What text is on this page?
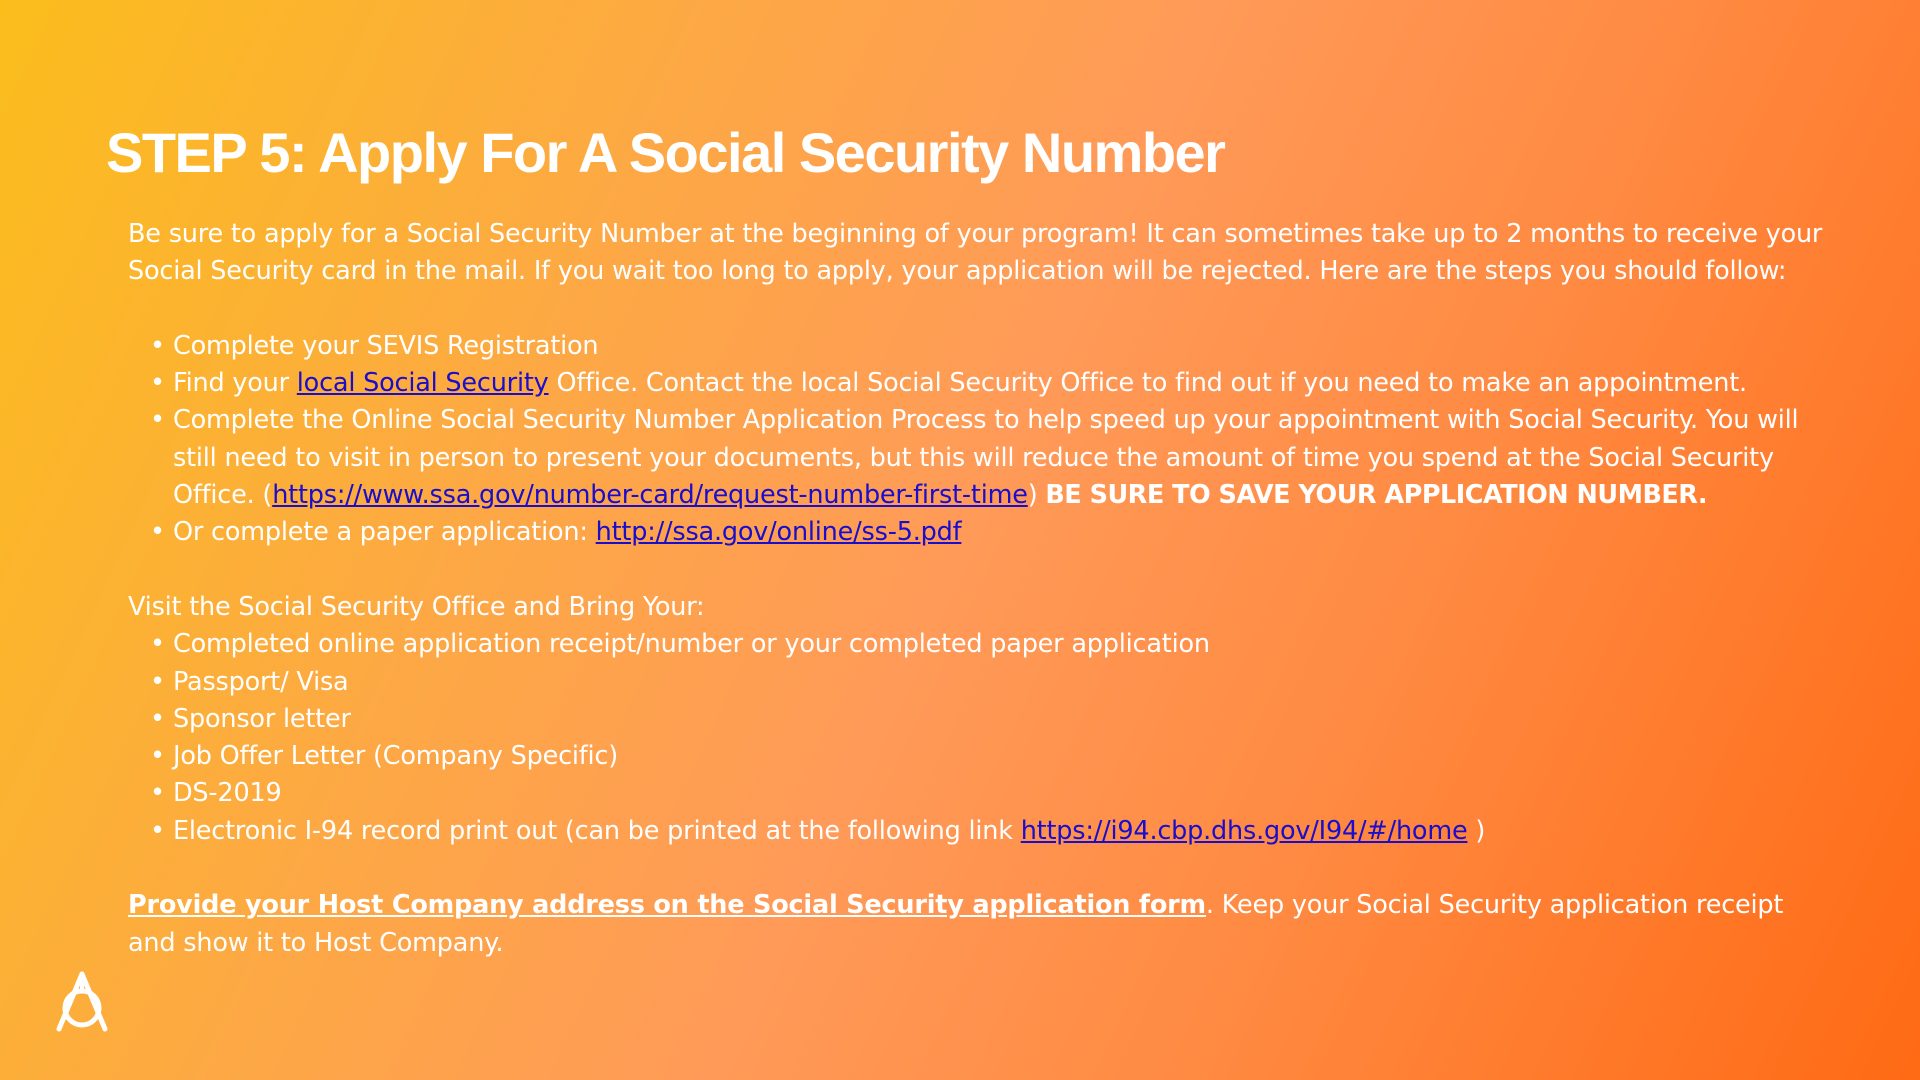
STEP 5: Apply For A Social Security Number

Be sure to apply for a Social Security Number at the beginning of your program! It can sometimes take up to 2 months to receive your Social Security card in the mail. If you wait too long to apply, your application will be rejected. Here are the steps you should follow:

• Complete your SEVIS Registration
• Find your local Social Security Office. Contact the local Social Security Office to find out if you need to make an appointment.
• Complete the Online Social Security Number Application Process to help speed up your appointment with Social Security. You will still need to visit in person to present your documents, but this will reduce the amount of time you spend at the Social Security Office. (https://www.ssa.gov/number-card/request-number-first-time) BE SURE TO SAVE YOUR APPLICATION NUMBER.
• Or complete a paper application: http://ssa.gov/online/ss-5.pdf

Visit the Social Security Office and Bring Your:

• Completed online application receipt/number or your completed paper application
• Passport/ Visa
• Sponsor letter
• Job Offer Letter (Company Specific)
• DS-2019
• Electronic I-94 record print out (can be printed at the following link https://i94.cbp.dhs.gov/I94/#/home )

Provide your Host Company address on the Social Security application form. Keep your Social Security application receipt and show it to Host Company.
